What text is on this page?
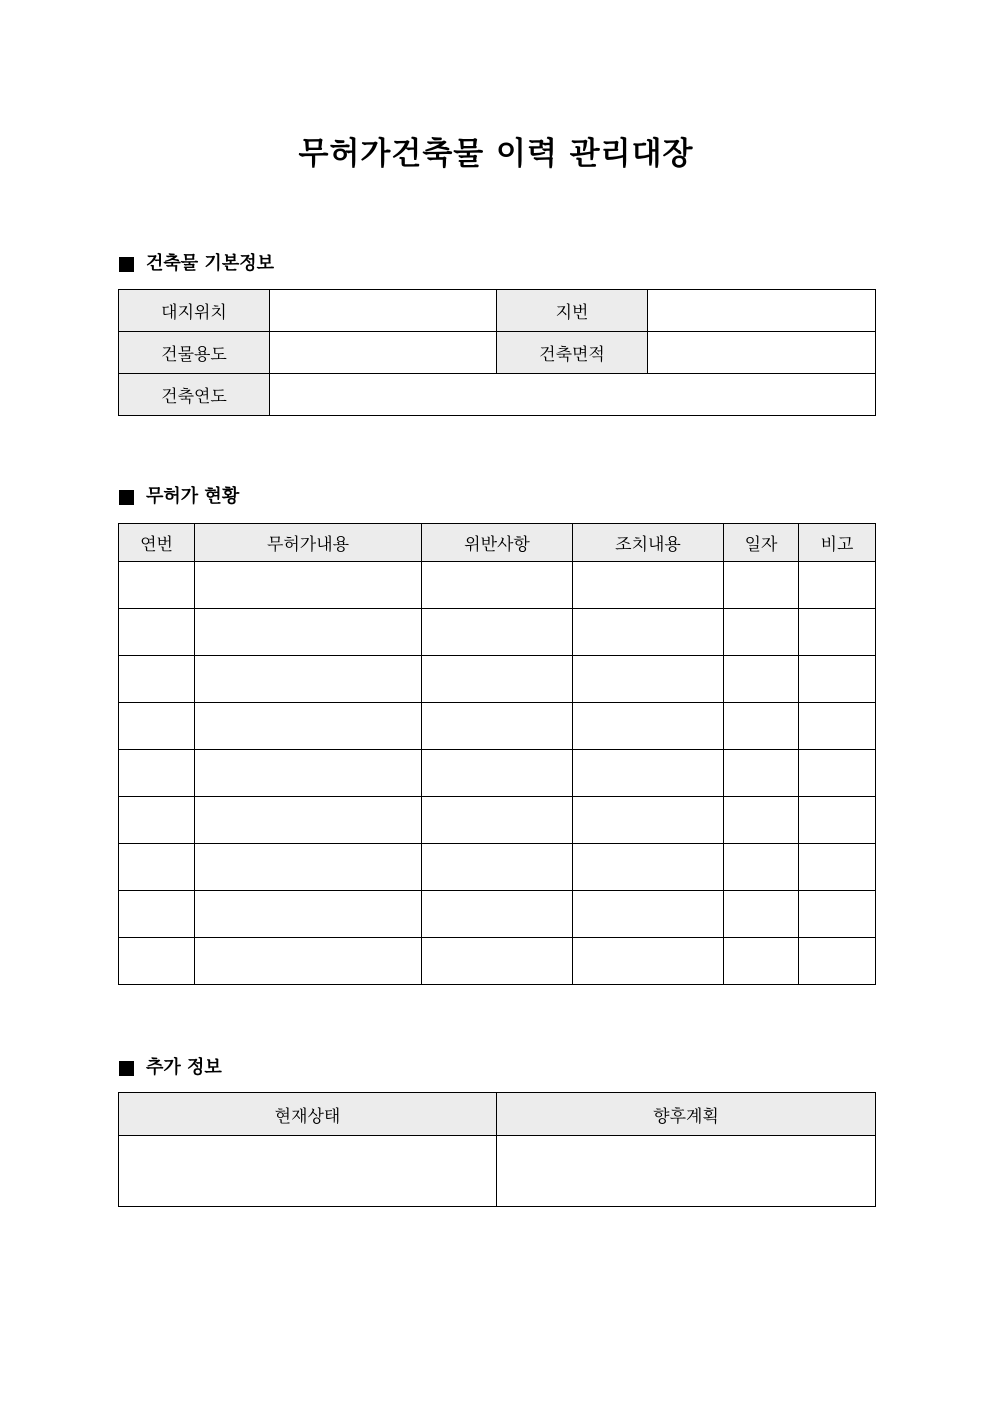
무허가건축물 이력 관리대장
건축물 기본정보
대지위치		지번	
건물용도		건축면적	
건축연도			
무허가 현황
연번	무허가내용	위반사항	조치내용	일자	비고

추가 정보
현재상태	향후계획
